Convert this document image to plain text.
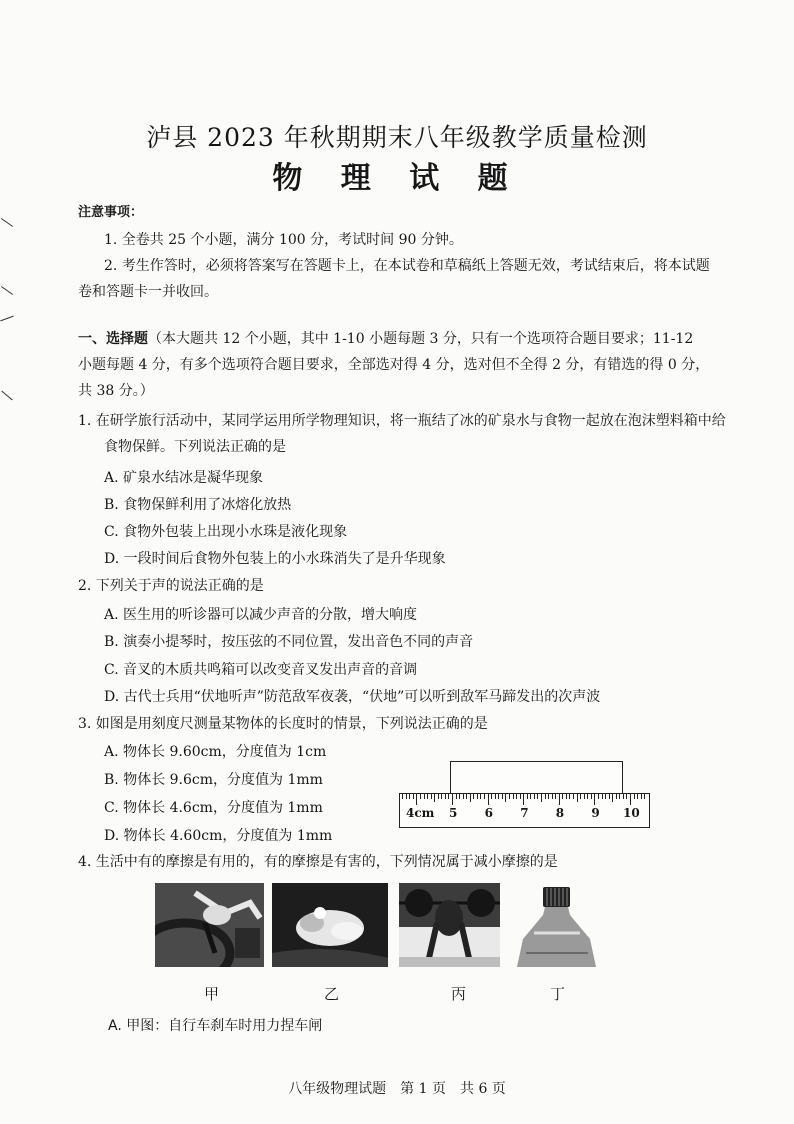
泸县 2023 年秋期期末八年级教学质量检测
物 理 试 题
注意事项：
1. 全卷共 25 个小题，满分 100 分，考试时间 90 分钟。
2. 考生作答时，必须将答案写在答题卡上，在本试卷和草稿纸上答题无效，考试结束后，将本试题卷和答题卡一并收回。
一、选择题（本大题共 12 个小题，其中 1-10 小题每题 3 分，只有一个选项符合题目要求；11-12 小题每题 4 分，有多个选项符合题目要求，全部选对得 4 分，选对但不全得 2 分，有错选的得 0 分，共 38 分。）
1. 在研学旅行活动中，某同学运用所学物理知识，将一瓶结了冰的矿泉水与食物一起放在泡沫塑料箱中给食物保鲜。下列说法正确的是
A. 矿泉水结冰是凝华现象
B. 食物保鲜利用了冰熔化放热
C. 食物外包装上出现小水珠是液化现象
D. 一段时间后食物外包装上的小水珠消失了是升华现象
2. 下列关于声的说法正确的是
A. 医生用的听诊器可以减少声音的分散，增大响度
B. 演奏小提琴时，按压弦的不同位置，发出音色不同的声音
C. 音叉的木质共鸣箱可以改变音叉发出声音的音调
D. 古代士兵用“伏地听声”防范敌军夜袭，“伏地”可以听到敌军马蹄发出的次声波
3. 如图是用刻度尺测量某物体的长度时的情景，下列说法正确的是
A. 物体长 9.60cm，分度值为 1cm
B. 物体长 9.6cm，分度值为 1mm
C. 物体长 4.6cm，分度值为 1mm
D. 物体长 4.60cm，分度值为 1mm
4cm 5 6 7 8 9 10
4. 生活中有的摩擦是有用的，有的摩擦是有害的，下列情况属于减小摩擦的是
甲	乙	丙	丁
A. 甲图：自行车刹车时用力捏车闸
八年级物理试题　第 1 页　共 6 页
